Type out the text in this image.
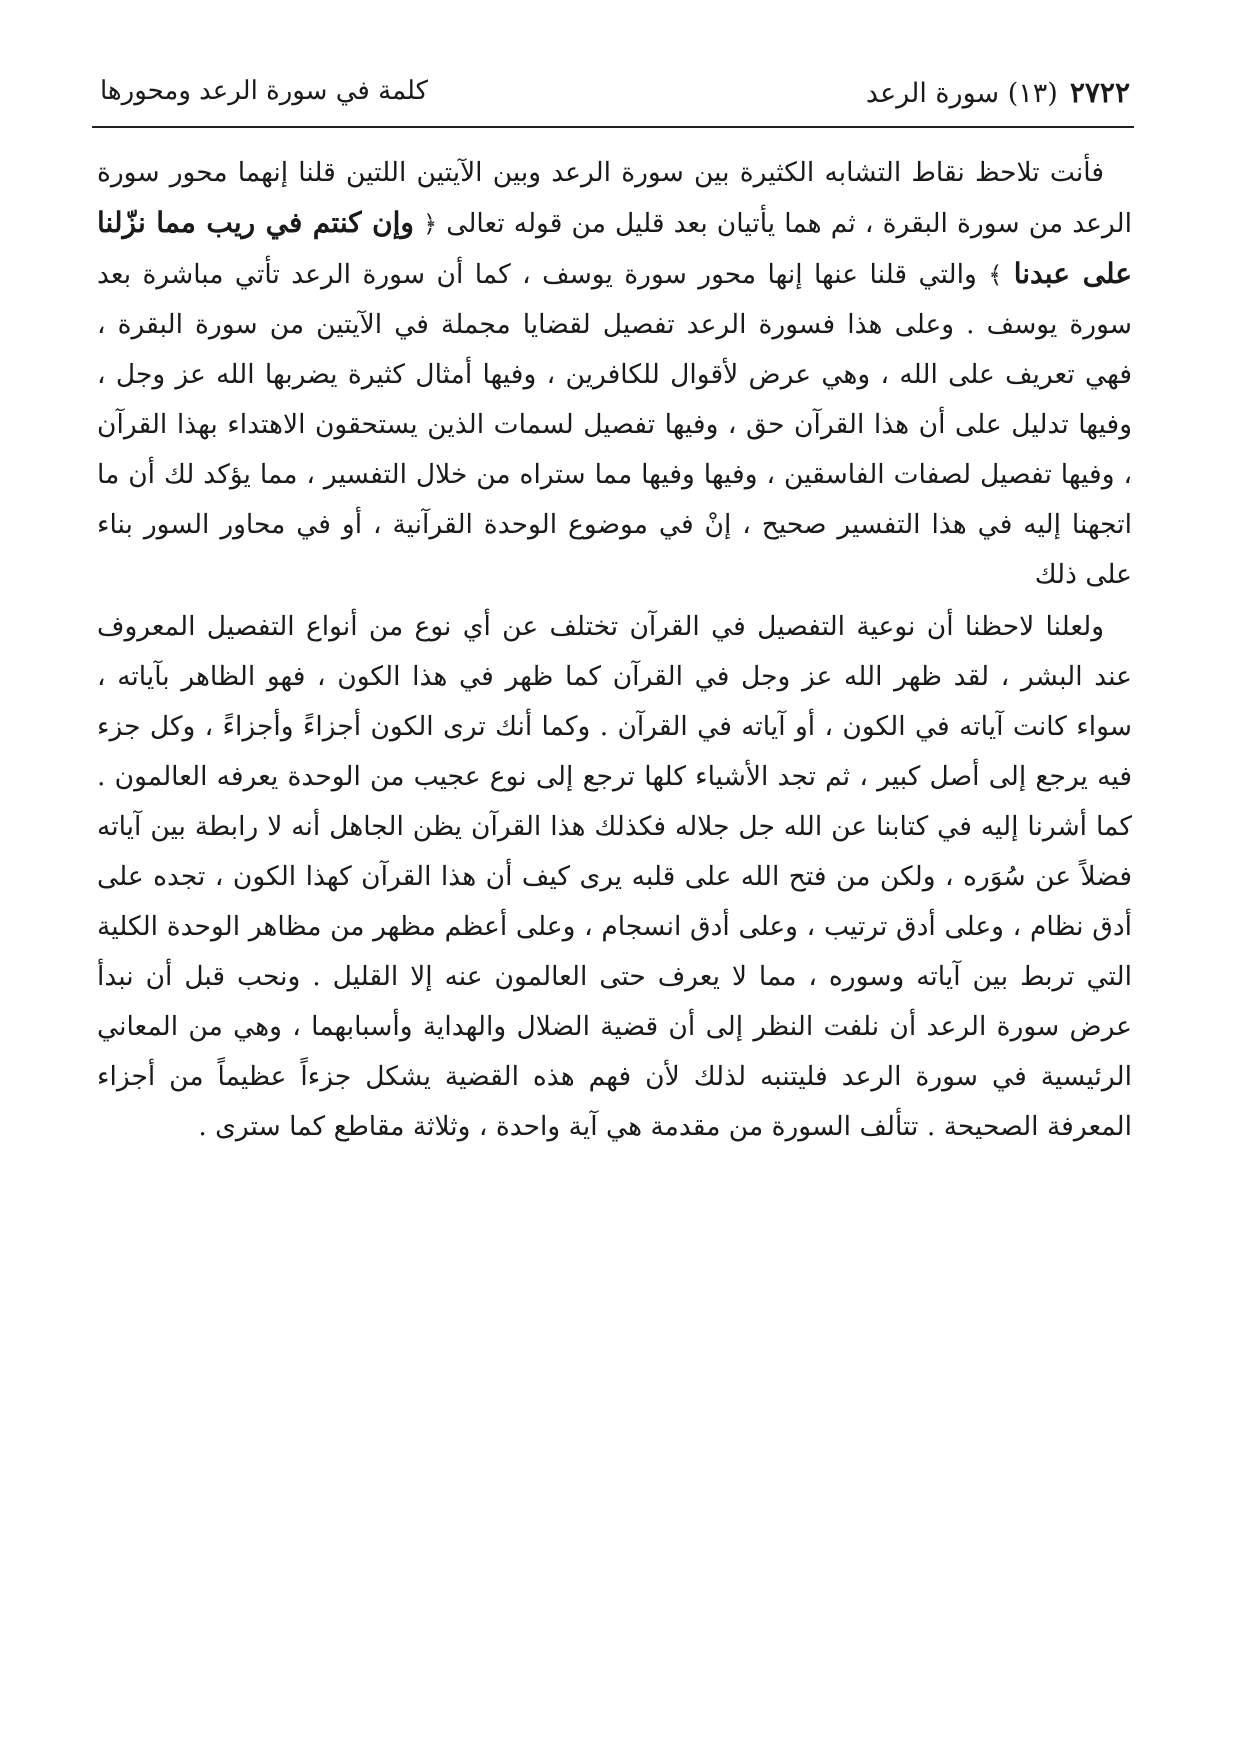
٢٧٢٢
(١٣) سورة الرعد
كلمة في سورة الرعد ومحورها

فأنت تلاحظ نقاط التشابه الكثيرة بين سورة الرعد وبين الآيتين اللتين قلنا إنهما محور سورة الرعد من سورة البقرة ، ثم هما يأتيان بعد قليل من قوله تعالى ﴿ وإن كنتم في ريب مما نزّلنا على عبدنا ﴾ والتي قلنا عنها إنها محور سورة يوسف ، كما أن سورة الرعد تأتي مباشرة بعد سورة يوسف . وعلى هذا فسورة الرعد تفصيل لقضايا مجملة في الآيتين من سورة البقرة ، فهي تعريف على الله ، وهي عرض لأقوال للكافرين ، وفيها أمثال كثيرة يضربها الله عز وجل ، وفيها تدليل على أن هذا القرآن حق ، وفيها تفصيل لسمات الذين يستحقون الاهتداء بهذا القرآن ، وفيها تفصيل لصفات الفاسقين ، وفيها وفيها مما ستراه من خلال التفسير ، مما يؤكد لك أن ما اتجهنا إليه في هذا التفسير صحيح ، إنْ في موضوع الوحدة القرآنية ، أو في محاور السور بناء على ذلك

ولعلنا لاحظنا أن نوعية التفصيل في القرآن تختلف عن أي نوع من أنواع التفصيل المعروف عند البشر ، لقد ظهر الله عز وجل في القرآن كما ظهر في هذا الكون ، فهو الظاهر بآياته ، سواء كانت آياته في الكون ، أو آياته في القرآن . وكما أنك ترى الكون أجزاءً وأجزاءً ، وكل جزء فيه يرجع إلى أصل كبير ، ثم تجد الأشياء كلها ترجع إلى نوع عجيب من الوحدة يعرفه العالمون . كما أشرنا إليه في كتابنا عن الله جل جلاله فكذلك هذا القرآن يظن الجاهل أنه لا رابطة بين آياته فضلاً عن سُوَره ، ولكن من فتح الله على قلبه يرى كيف أن هذا القرآن كهذا الكون ، تجده على أدق نظام ، وعلى أدق ترتيب ، وعلى أدق انسجام ، وعلى أعظم مظهر من مظاهر الوحدة الكلية التي تربط بين آياته وسوره ، مما لا يعرف حتى العالمون عنه إلا القليل . ونحب قبل أن نبدأ عرض سورة الرعد أن نلفت النظر إلى أن قضية الضلال والهداية وأسبابهما ، وهي من المعاني الرئيسية في سورة الرعد فليتنبه لذلك لأن فهم هذه القضية يشكل جزءاً عظيماً من أجزاء المعرفة الصحيحة . تتألف السورة من مقدمة هي آية واحدة ، وثلاثة مقاطع كما سترى .
